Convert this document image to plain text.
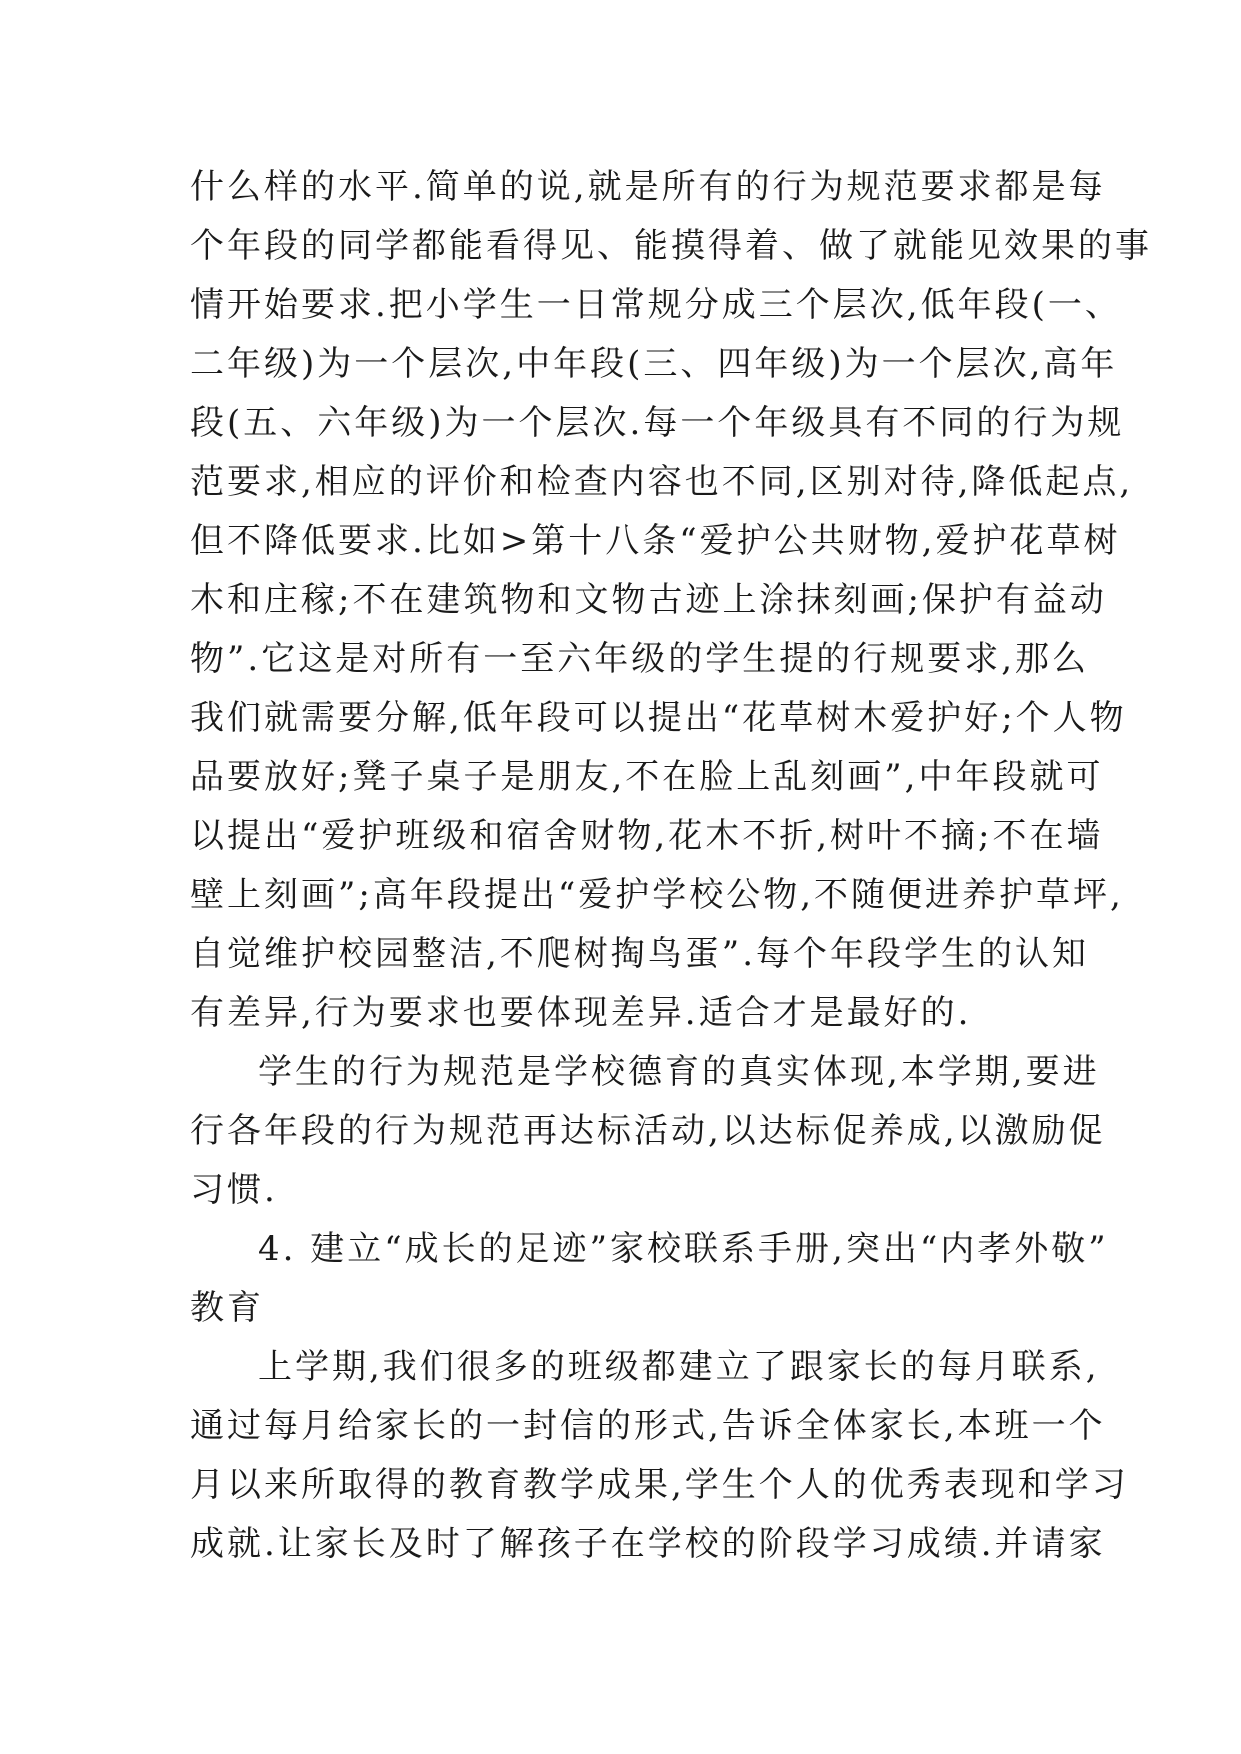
什么样的水平.简单的说,就是所有的行为规范要求都是每
个年段的同学都能看得见、能摸得着、做了就能见效果的事
情开始要求.把小学生一日常规分成三个层次,低年段(一、
二年级)为一个层次,中年段(三、四年级)为一个层次,高年
段(五、六年级)为一个层次.每一个年级具有不同的行为规
范要求,相应的评价和检查内容也不同,区别对待,降低起点,
但不降低要求.比如>第十八条“爱护公共财物,爱护花草树
木和庄稼;不在建筑物和文物古迹上涂抹刻画;保护有益动
物”.它这是对所有一至六年级的学生提的行规要求,那么
我们就需要分解,低年段可以提出“花草树木爱护好;个人物
品要放好;凳子桌子是朋友,不在脸上乱刻画”,中年段就可
以提出“爱护班级和宿舍财物,花木不折,树叶不摘;不在墙
壁上刻画”;高年段提出“爱护学校公物,不随便进养护草坪,
自觉维护校园整洁,不爬树掏鸟蛋”.每个年段学生的认知
有差异,行为要求也要体现差异.适合才是最好的.
学生的行为规范是学校德育的真实体现,本学期,要进
行各年段的行为规范再达标活动,以达标促养成,以激励促
习惯.
4. 建立“成长的足迹”家校联系手册,突出“内孝外敬”
教育
上学期,我们很多的班级都建立了跟家长的每月联系,
通过每月给家长的一封信的形式,告诉全体家长,本班一个
月以来所取得的教育教学成果,学生个人的优秀表现和学习
成就.让家长及时了解孩子在学校的阶段学习成绩.并请家
